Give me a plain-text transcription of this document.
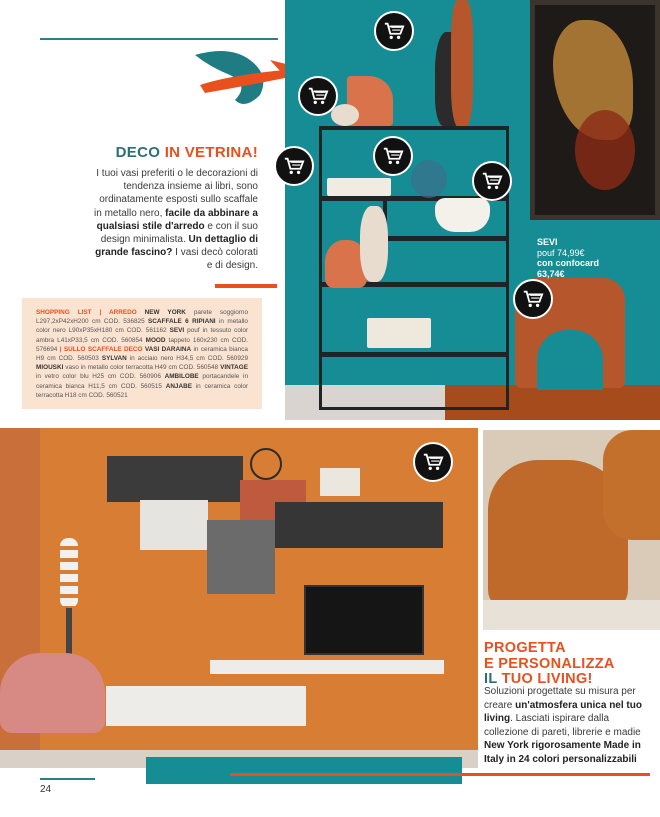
DECO IN VETRINA!
I tuoi vasi preferiti o le decorazioni di tendenza insieme ai libri, sono ordinatamente esposti sullo scaffale in metallo nero, facile da abbinare a qualsiasi stile d'arredo e con il suo design minimalista. Un dettaglio di grande fascino? I vasi decò colorati e di design.
SHOPPING LIST | ARREDO NEW YORK parete soggiorno L297,2xP42xH200 cm COD. 536825 SCAFFALE 6 RIPIANI in metallo color nero L90xP35xH180 cm COD. 561162 SEVI pouf in tessuto color ambra L41xP33,5 cm COD. 560854 MOOD tappeto 160x230 cm COD. 576694 | SULLO SCAFFALE DECO VASI DARAINA in ceramica bianca H9 cm COD. 560503 SYLVAN in acciaio nero H34,5 cm COD. 560929 MIOUSKI vaso in metallo color terracotta H49 cm COD. 560548 VINTAGE in vetro color blu H25 cm COD. 560906 AMBILOBE portacandele in ceramica bianca H11,5 cm COD. 560515 ANJABE in ceramica color terracotta H18 cm COD. 560521
SEVI
pouf 74,99€
con confocard
63,74€
PROGETTA
E PERSONALIZZA
IL TUO LIVING!
Soluzioni progettate su misura per creare un'atmosfera unica nel tuo living. Lasciati ispirare dalla collezione di pareti, librerie e madie New York rigorosamente Made in Italy in 24 colori personalizzabili
24
